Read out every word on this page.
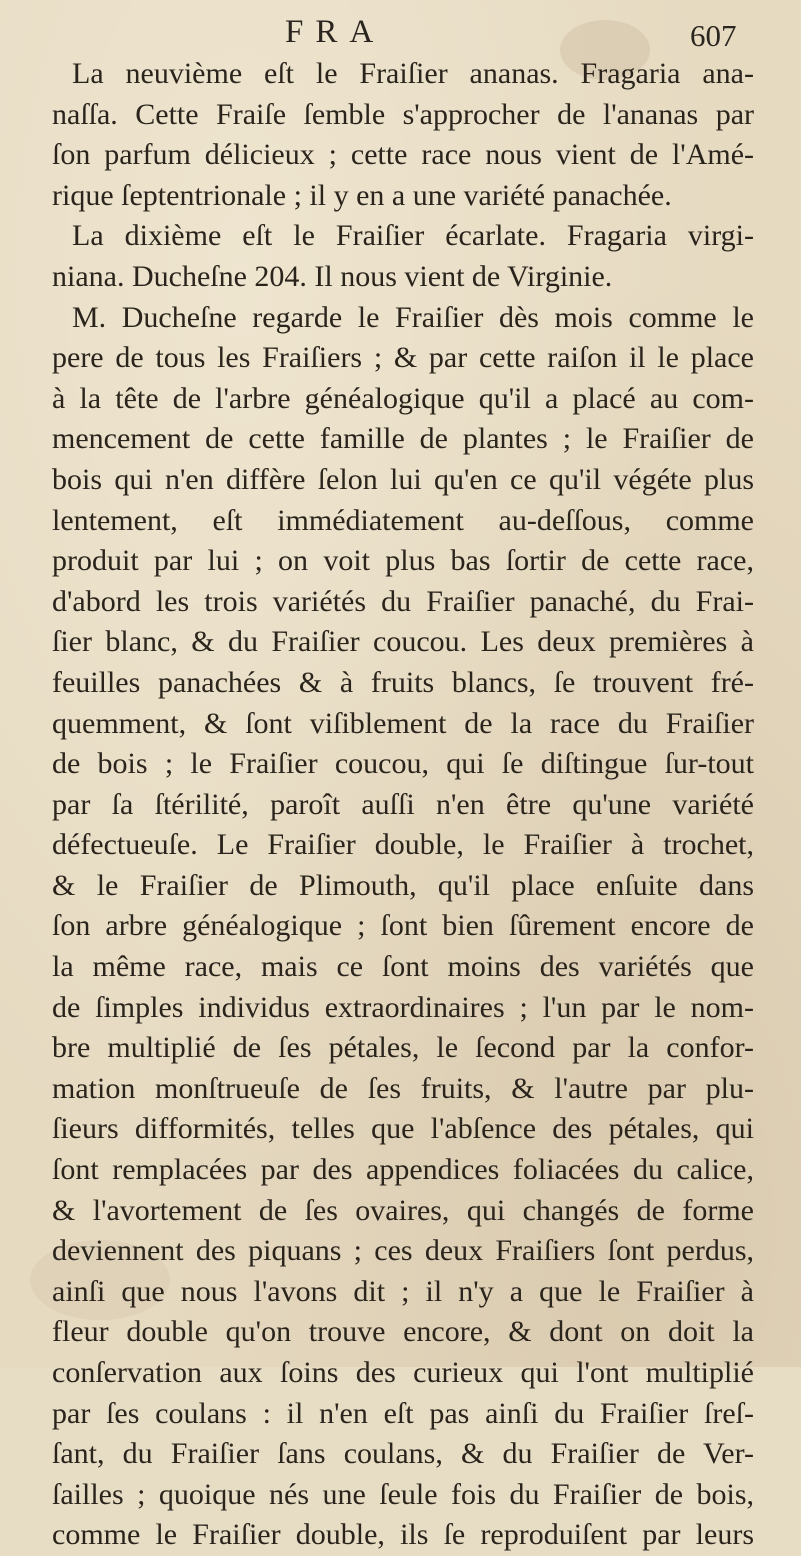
FRA	607
La neuvième eſt le Fraiſier ananas. Fragaria ana-
naſſa. Cette Fraiſe ſemble s'approcher de l'ananas par
ſon parfum délicieux ; cette race nous vient de l'Amé-
rique ſeptentrionale ; il y en a une variété panachée.
La dixième eſt le Fraiſier écarlate. Fragaria virgi-
niana. Ducheſne 204. Il nous vient de Virginie.
M. Ducheſne regarde le Fraiſier dès mois comme le
pere de tous les Fraiſiers ; & par cette raiſon il le place
à la tête de l'arbre généalogique qu'il a placé au com-
mencement de cette famille de plantes ; le Fraiſier de
bois qui n'en diffère ſelon lui qu'en ce qu'il végéte plus
lentement, eſt immédiatement au-deſſous, comme
produit par lui ; on voit plus bas ſortir de cette race,
d'abord les trois variétés du Fraiſier panaché, du Frai-
ſier blanc, & du Fraiſier coucou. Les deux premières à
feuilles panachées & à fruits blancs, ſe trouvent fré-
quemment, & ſont viſiblement de la race du Fraiſier
de bois ; le Fraiſier coucou, qui ſe diſtingue ſur-tout
par ſa ſtérilité, paroît auſſi n'en être qu'une variété
défectueuſe. Le Fraiſier double, le Fraiſier à trochet,
& le Fraiſier de Plimouth, qu'il place enſuite dans
ſon arbre généalogique ; ſont bien ſûrement encore de
la même race, mais ce ſont moins des variétés que
de ſimples individus extraordinaires ; l'un par le nom-
bre multiplié de ſes pétales, le ſecond par la confor-
mation monſtrueuſe de ſes fruits, & l'autre par plu-
ſieurs difformités, telles que l'abſence des pétales, qui
ſont remplacées par des appendices foliacées du calice,
& l'avortement de ſes ovaires, qui changés de forme
deviennent des piquans ; ces deux Fraiſiers ſont perdus,
ainſi que nous l'avons dit ; il n'y a que le Fraiſier à
fleur double qu'on trouve encore, & dont on doit la
conſervation aux ſoins des curieux qui l'ont multiplié
par ſes coulans : il n'en eſt pas ainſi du Fraiſier ſreſ-
ſant, du Fraiſier ſans coulans, & du Fraiſier de Ver-
ſailles ; quoique nés une ſeule fois du Fraiſier de bois,
comme le Fraiſier double, ils ſe reproduiſent par leurs
